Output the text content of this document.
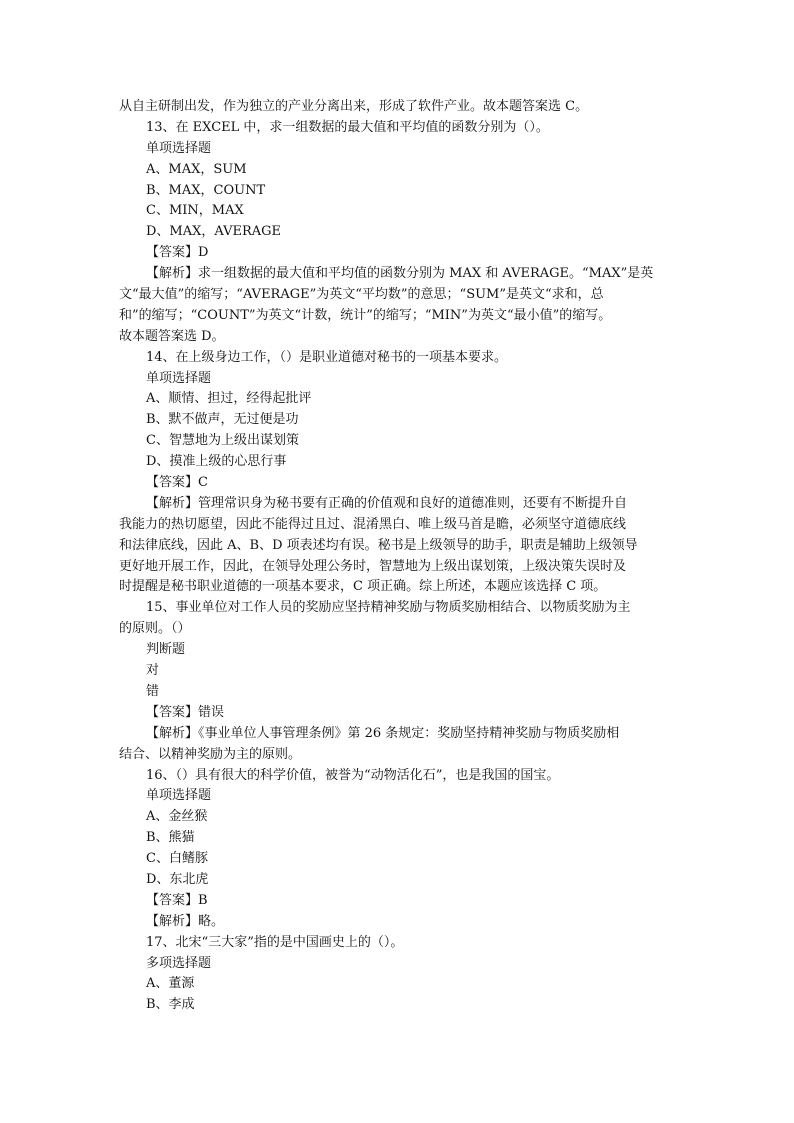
从自主研制出发，作为独立的产业分离出来，形成了软件产业。故本题答案选 C。
13、在 EXCEL 中，求一组数据的最大值和平均值的函数分别为（）。
单项选择题
A、MAX，SUM
B、MAX，COUNT
C、MIN，MAX
D、MAX，AVERAGE
【答案】D
【解析】求一组数据的最大值和平均值的函数分别为 MAX 和 AVERAGE。“MAX”是英
文“最大值”的缩写；“AVERAGE”为英文“平均数”的意思；“SUM”是英文“求和，总
和”的缩写；“COUNT”为英文“计数，统计”的缩写；“MIN”为英文“最小值”的缩写。
故本题答案选 D。
14、在上级身边工作，（）是职业道德对秘书的一项基本要求。
单项选择题
A、顺情、担过，经得起批评
B、默不做声，无过便是功
C、智慧地为上级出谋划策
D、摸准上级的心思行事
【答案】C
【解析】管理常识身为秘书要有正确的价值观和良好的道德准则，还要有不断提升自
我能力的热切愿望，因此不能得过且过、混淆黑白、唯上级马首是瞻，必须坚守道德底线
和法律底线，因此 A、B、D 项表述均有误。秘书是上级领导的助手，职责是辅助上级领导
更好地开展工作，因此，在领导处理公务时，智慧地为上级出谋划策，上级决策失误时及
时提醒是秘书职业道德的一项基本要求，C 项正确。综上所述，本题应该选择 C 项。
15、事业单位对工作人员的奖励应坚持精神奖励与物质奖励相结合、以物质奖励为主
的原则。（）
判断题
对
错
【答案】错误
【解析】《事业单位人事管理条例》第 26 条规定：奖励坚持精神奖励与物质奖励相
结合、以精神奖励为主的原则。
16、（）具有很大的科学价值，被誉为“动物活化石”，也是我国的国宝。
单项选择题
A、金丝猴
B、熊猫
C、白鳍豚
D、东北虎
【答案】B
【解析】略。
17、北宋“三大家”指的是中国画史上的（）。
多项选择题
A、董源
B、李成
